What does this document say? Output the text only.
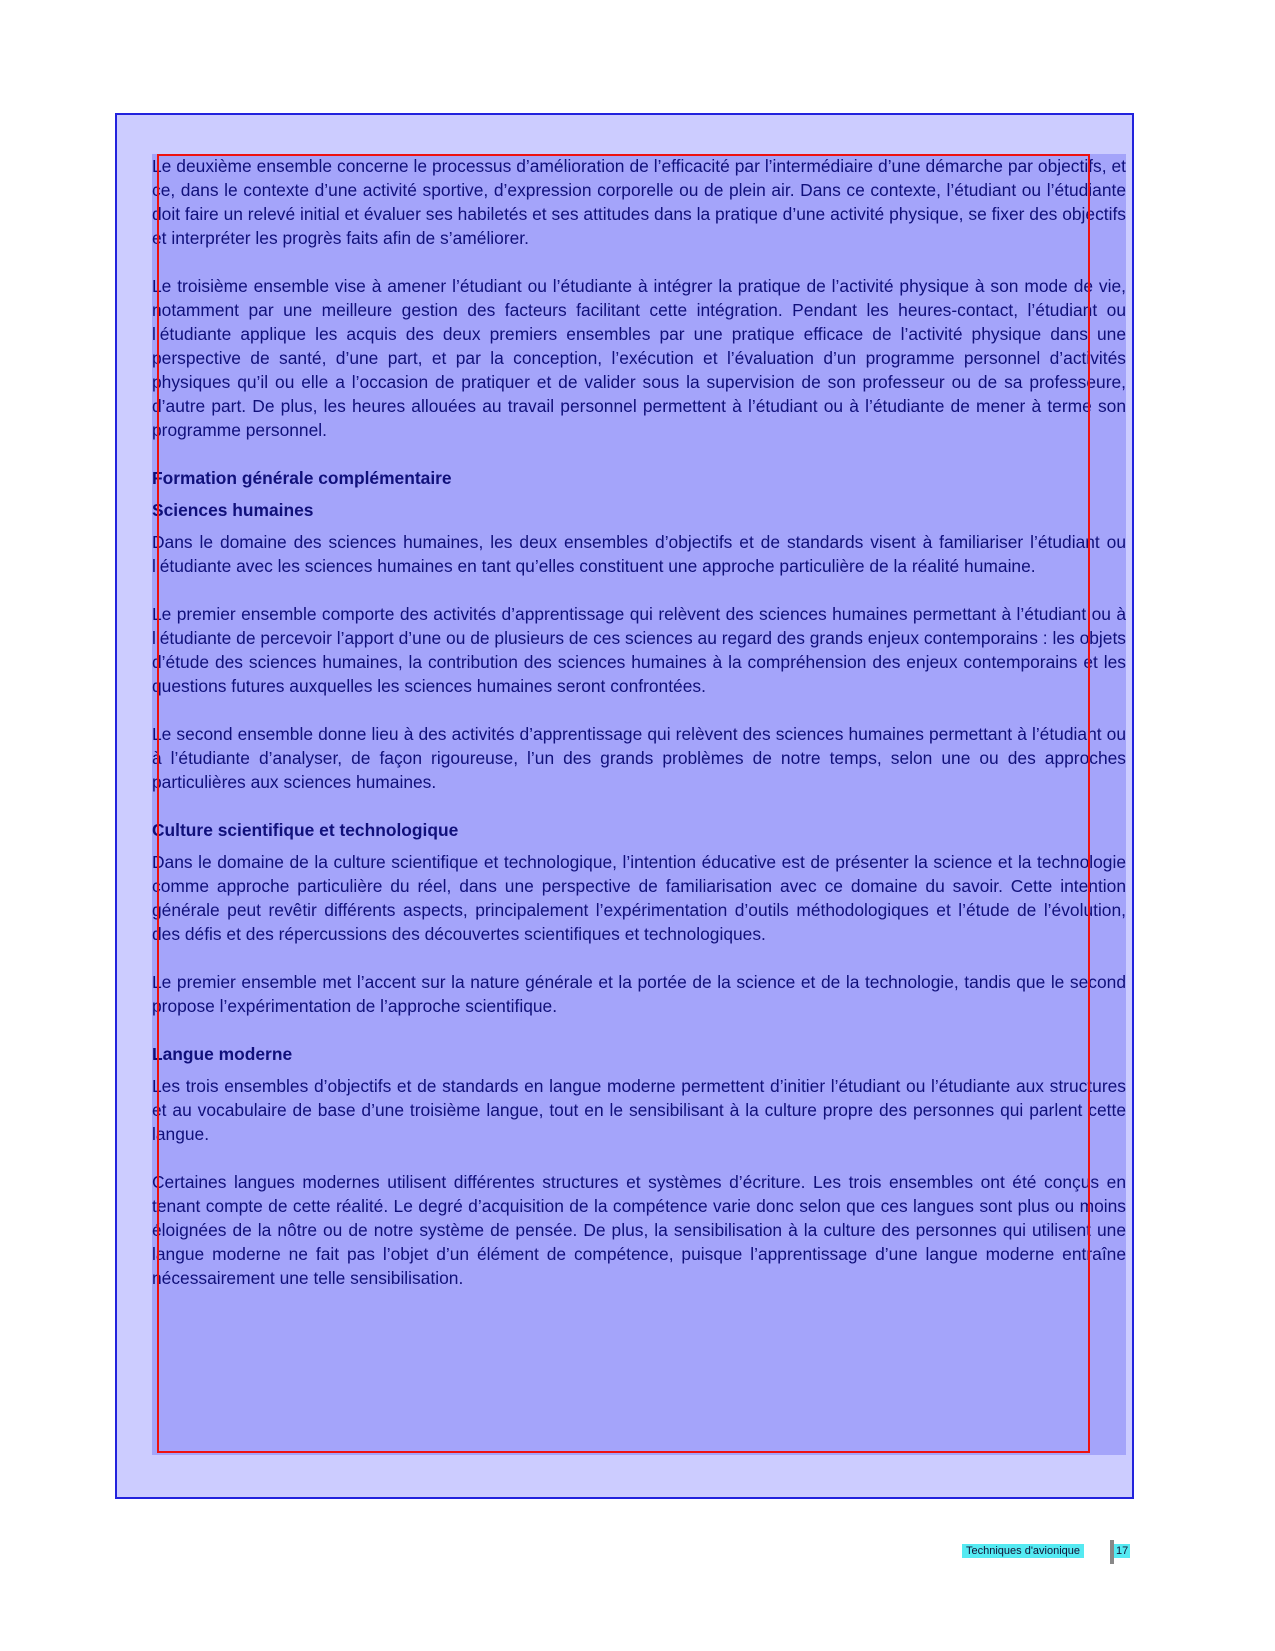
Le deuxième ensemble concerne le processus d’amélioration de l’efficacité par l’intermédiaire d’une démarche par objectifs, et ce, dans le contexte d’une activité sportive, d’expression corporelle ou de plein air. Dans ce contexte, l’étudiant ou l’étudiante doit faire un relevé initial et évaluer ses habiletés et ses attitudes dans la pratique d’une activité physique, se fixer des objectifs et interpréter les progrès faits afin de s’améliorer.

Le troisième ensemble vise à amener l’étudiant ou l’étudiante à intégrer la pratique de l’activité physique à son mode de vie, notamment par une meilleure gestion des facteurs facilitant cette intégration. Pendant les heures-contact, l’étudiant ou l’étudiante applique les acquis des deux premiers ensembles par une pratique efficace de l’activité physique dans une perspective de santé, d’une part, et par la conception, l’exécution et l’évaluation d’un programme personnel d’activités physiques qu’il ou elle a l’occasion de pratiquer et de valider sous la supervision de son professeur ou de sa professeure, d’autre part. De plus, les heures allouées au travail personnel permettent à l’étudiant ou à l’étudiante de mener à terme son programme personnel.

Formation générale complémentaire
Sciences humaines

Dans le domaine des sciences humaines, les deux ensembles d’objectifs et de standards visent à familiariser l’étudiant ou l’étudiante avec les sciences humaines en tant qu’elles constituent une approche particulière de la réalité humaine.

Le premier ensemble comporte des activités d’apprentissage qui relèvent des sciences humaines permettant à l’étudiant ou à l’étudiante de percevoir l’apport d’une ou de plusieurs de ces sciences au regard des grands enjeux contemporains : les objets d’étude des sciences humaines, la contribution des sciences humaines à la compréhension des enjeux contemporains et les questions futures auxquelles les sciences humaines seront confrontées.

Le second ensemble donne lieu à des activités d’apprentissage qui relèvent des sciences humaines permettant à l’étudiant ou à l’étudiante d’analyser, de façon rigoureuse, l’un des grands problèmes de notre temps, selon une ou des approches particulières aux sciences humaines.

Culture scientifique et technologique

Dans le domaine de la culture scientifique et technologique, l’intention éducative est de présenter la science et la technologie comme approche particulière du réel, dans une perspective de familiarisation avec ce domaine du savoir. Cette intention générale peut revêtir différents aspects, principalement l’expérimentation d’outils méthodologiques et l’étude de l’évolution, des défis et des répercussions des découvertes scientifiques et technologiques.

Le premier ensemble met l’accent sur la nature générale et la portée de la science et de la technologie, tandis que le second propose l’expérimentation de l’approche scientifique.

Langue moderne

Les trois ensembles d’objectifs et de standards en langue moderne permettent d’initier l’étudiant ou l’étudiante aux structures et au vocabulaire de base d’une troisième langue, tout en le sensibilisant à la culture propre des personnes qui parlent cette langue.

Certaines langues modernes utilisent différentes structures et systèmes d’écriture. Les trois ensembles ont été conçus en tenant compte de cette réalité. Le degré d’acquisition de la compétence varie donc selon que ces langues sont plus ou moins éloignées de la nôtre ou de notre système de pensée. De plus, la sensibilisation à la culture des personnes qui utilisent une langue moderne ne fait pas l’objet d’un élément de compétence, puisque l’apprentissage d’une langue moderne entraîne nécessairement une telle sensibilisation.

Techniques d'avionique	17
